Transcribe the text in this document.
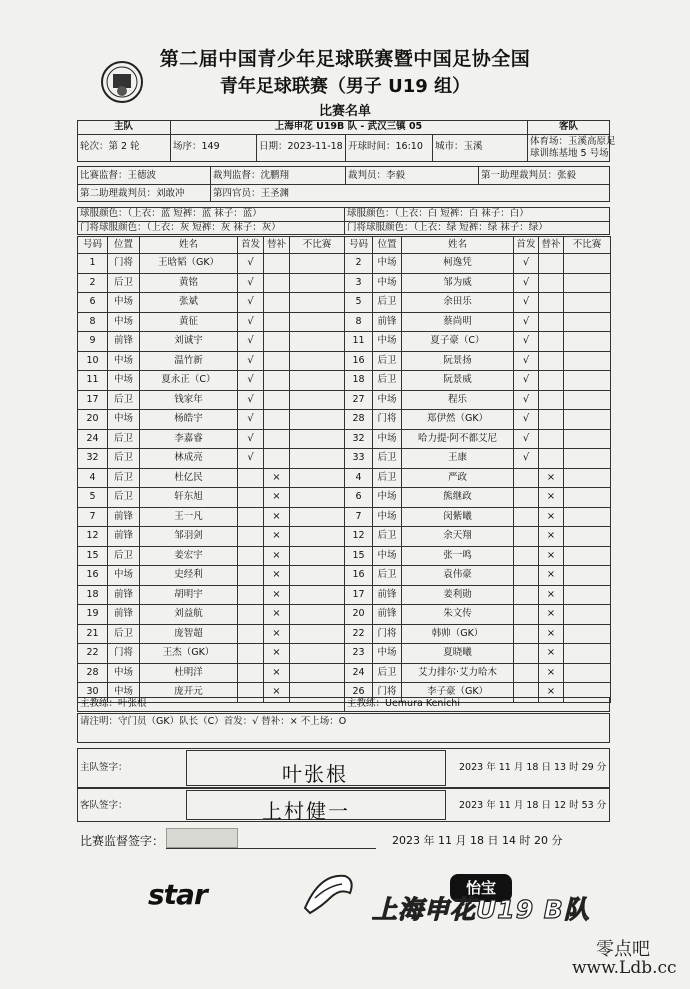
第二届中国青少年足球联赛暨中国足协全国
青年足球联赛（男子 U19 组）
比赛名单
主队	上海申花 U19B 队 - 武汉三镇 05	客队
轮次：第 2 轮	场序：149	日期：2023-11-18 开球时间：16:10 城市：玉溪	体育场：玉溪高原足
球训练基地 5 号场
比赛监督：王德波	裁判监督：沈鹏翔	裁判员：李毅	第一助理裁判员：张毅
第二助理裁判员：刘敢冲	第四官员：王圣渊
球服颜色：（上衣：蓝 短裤：蓝 袜子：蓝）
门将球服颜色：（上衣：灰 短裤：灰 袜子：灰）
球服颜色：（上衣：白 短裤：白 袜子：白）
门将球服颜色：（上衣：绿 短裤：绿 袜子：绿）
号码	位置	姓名	首发	替补	不比赛
1	门将	王晗韬（GK）	√		
2	后卫	黄铭	√		
6	中场	张斌	√		
8	中场	黄征	√		
9	前锋	刘诚宇	√		
10	中场	温竹新	√		
11	中场	夏永正（C）	√		
17	后卫	钱家年	√		
20	中场	杨皓宇	√		
24	后卫	李嘉睿	√		
32	后卫	林成亮	√		
4	后卫	杜亿民		×	
5	后卫	轩东旭		×	
7	前锋	王一凡		×	
12	前锋	邹羽剑		×	
15	后卫	姜宏宇		×	
16	中场	史经利		×	
18	前锋	胡明宇		×	
19	前锋	刘益航		×	
21	后卫	庞智超		×	
22	门将	王杰（GK）		×	
28	中场	杜明洋		×	
30	中场	庞开元		×	
号码	位置	姓名	首发	替补	不比赛
2	中场	柯逸凭	√		
3	中场	邹为威	√		
5	后卫	余田乐	√		
8	前锋	蔡尚明	√		
11	中场	夏子豪（C）	√		
16	后卫	阮景扬	√		
18	后卫	阮景威	√		
27	中场	程乐	√		
28	门将	郑伊然（GK）	√		
32	中场	哈力提·阿不都艾尼	√		
33	后卫	王康	√		
4	后卫	严政		×	
6	中场	熊继政		×	
7	中场	闵紫曦		×	
12	后卫	余天翔		×	
15	中场	张一鸣		×	
16	后卫	袁伟豪		×	
17	前锋	姜利勋		×	
20	前锋	朱文传		×	
22	门将	韩帅（GK）		×	
23	中场	夏晓曦		×	
24	后卫	艾力排尔·艾力哈木		×	
26	门将	李子豪（GK）		×	
主教练：叶张根	主教练：Uemura Kenichi
请注明：守门员（GK）队长（C）首发：√ 替补：× 不上场：O
主队签字：	叶张根	2023 年 11 月 18 日 13 时 29 分
客队签字：	上村健一	2023 年 11 月 18 日 12 时 53 分
比赛监督签字：	2023 年 11 月 18 日 14 时 20 分
star	怡宝
上海申花U19 B队
零点吧
www.Ldb.cc
